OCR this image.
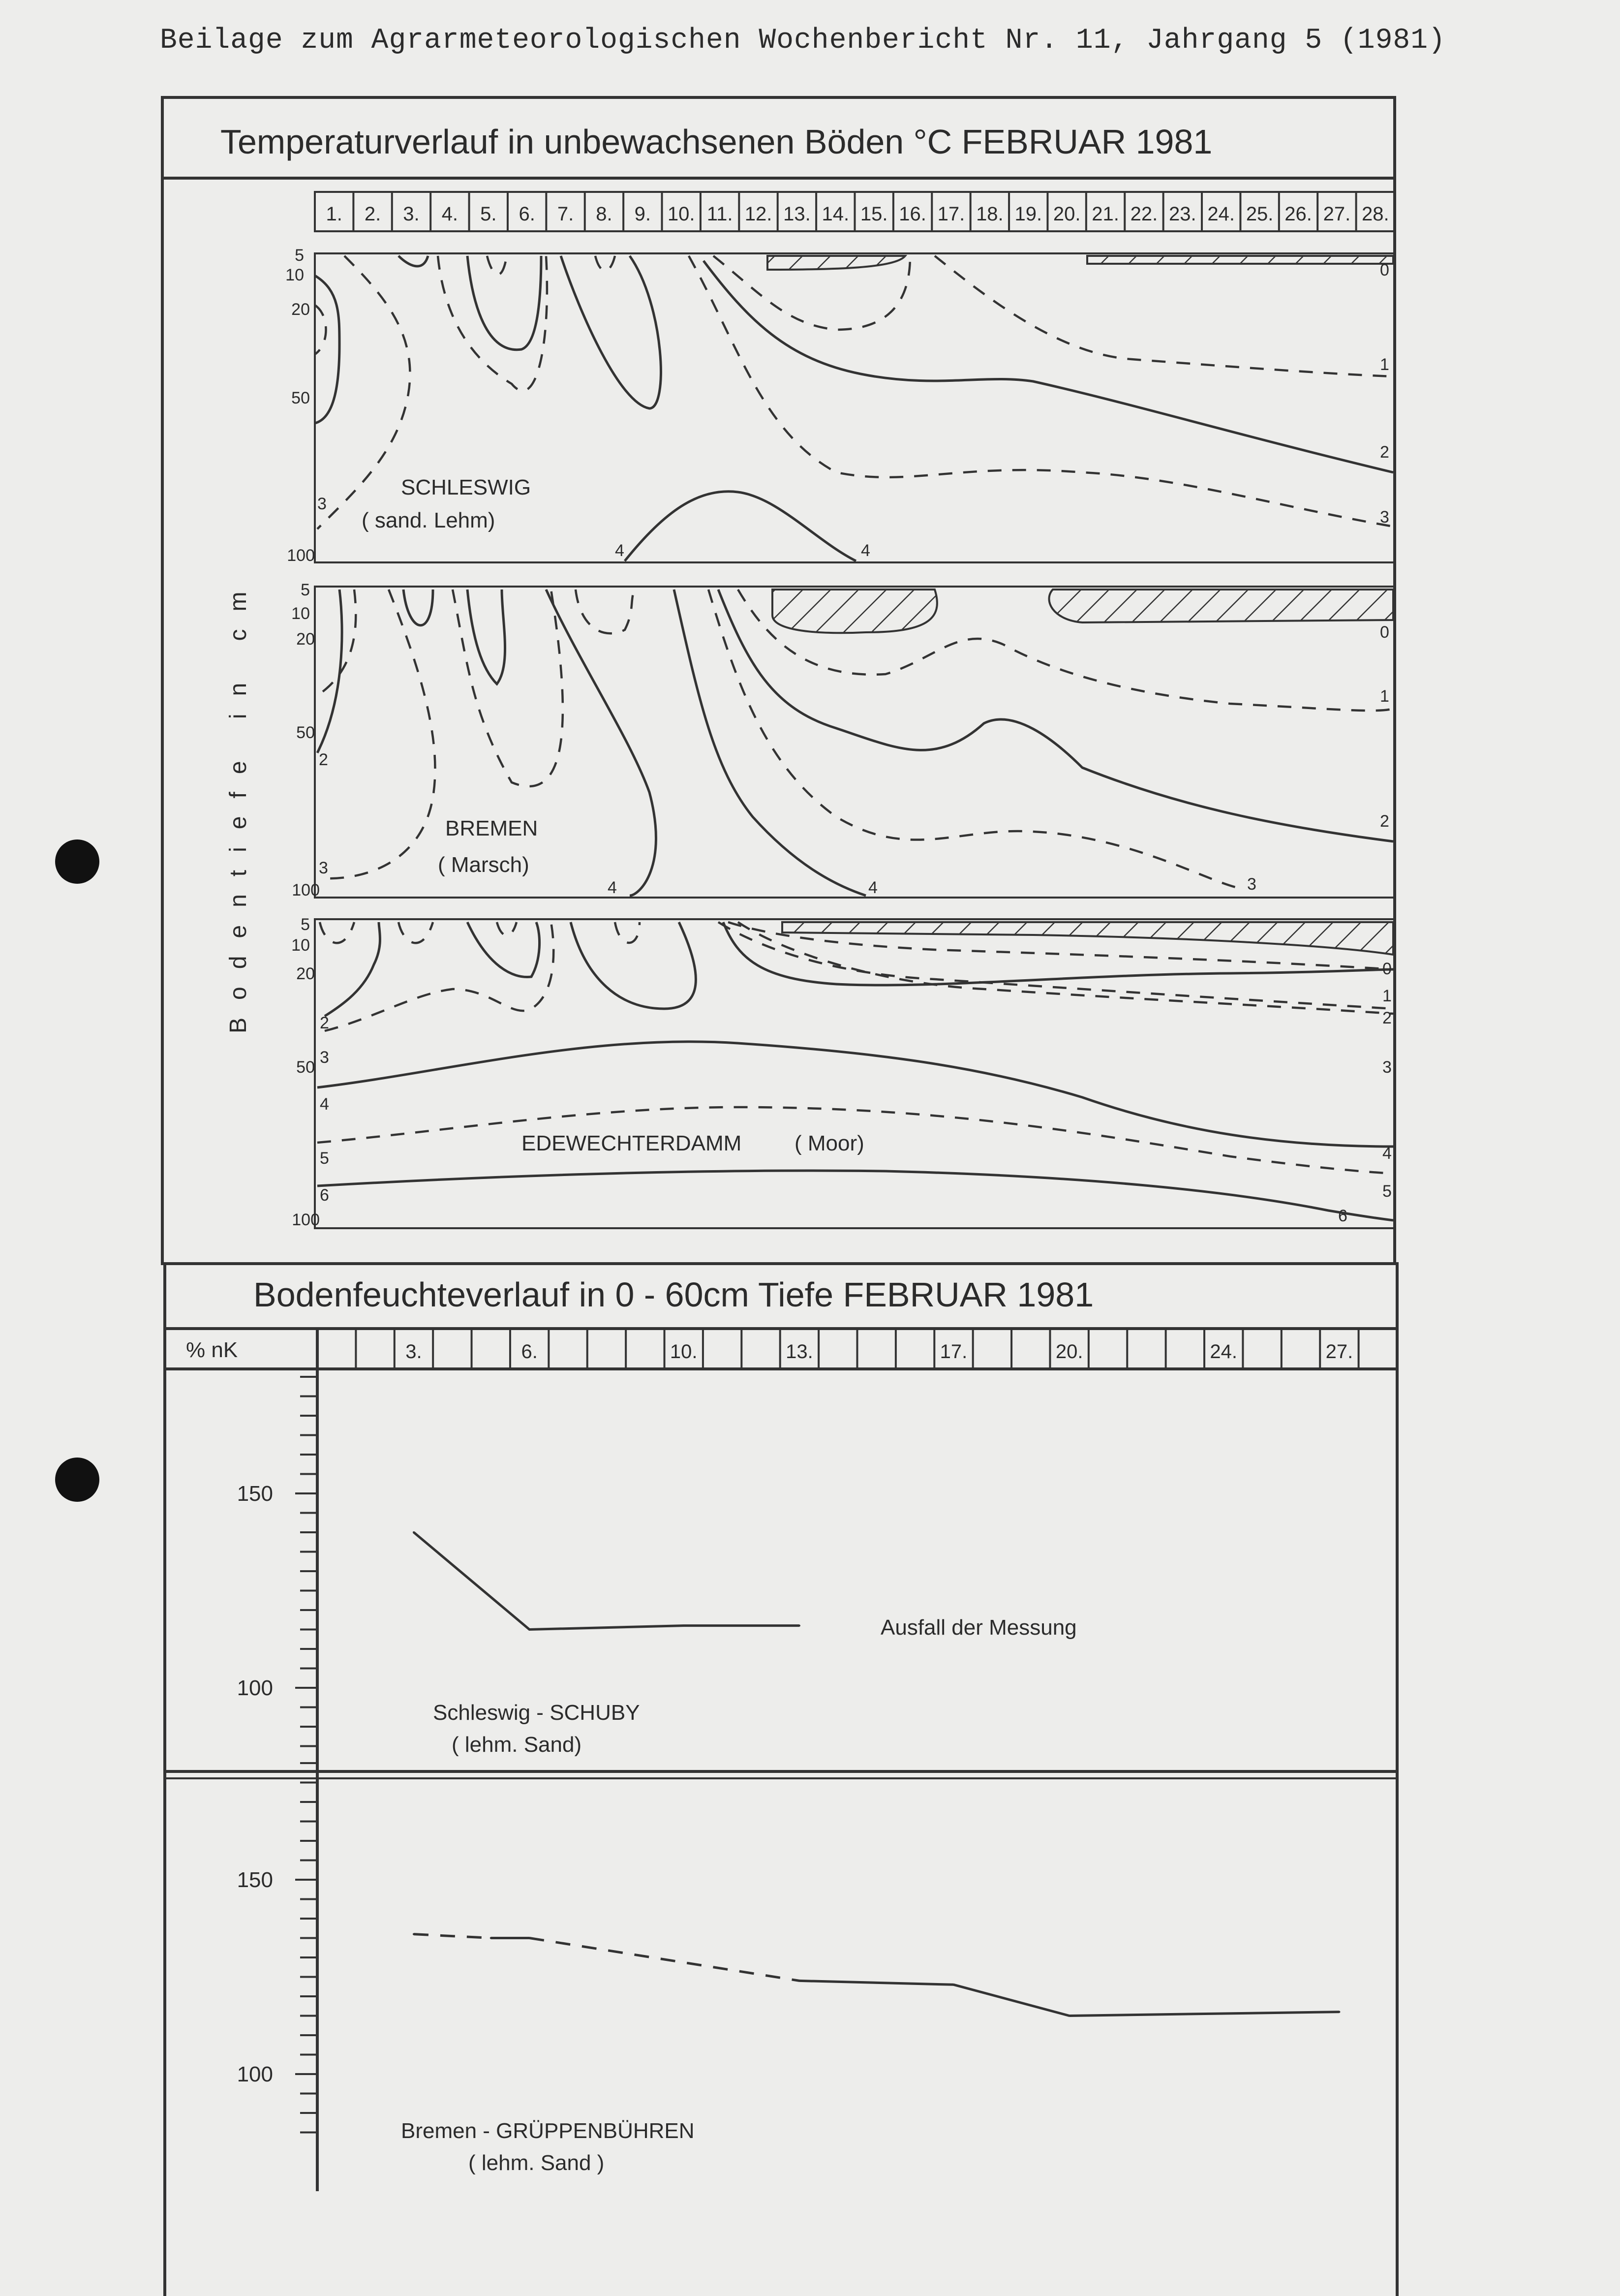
Beilage zum Agrarmeteorologischen Wochenbericht Nr. 11, Jahrgang 5 (1981)
Temperaturverlauf in unbewachsenen Böden °C FEBRUAR 1981
1. 2. 3. 4. 5. 6. 7. 8. 9. 10. 11. 12. 13. 14. 15. 16. 17. 18. 19. 20. 21. 22. 23. 24. 25. 26. 27. 28.
Bodentiefe in cm
5
10
20
50
100
SCHLESWIG
( sand. Lehm)
5
10
20
50
100
BREMEN
( Marsch)
5
10
20
50
100
EDEWECHTERDAMM ( Moor)
0
1
2
3
4	4
3
0
1
2
3
4	4
2
3
0
1
2
3
4
5
6
2
3
4
5
6
Bodenfeuchteverlauf in 0 - 60cm Tiefe FEBRUAR 1981
% nK	3.	6.	10.	13.	17.	20.	24.	27.
150
100
150
100
Ausfall der Messung
Schleswig - SCHUBY
( lehm. Sand)
Bremen - GRÜPPENBÜHREN
( lehm. Sand )
